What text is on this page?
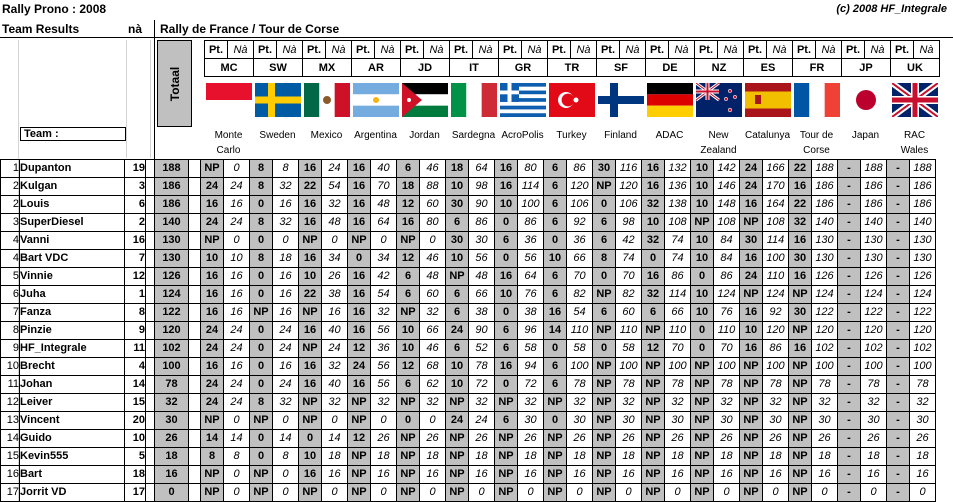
Rally Prono : 2008	(c) 2008 HF_Integrale
Team Results	nà Rally de France / Tour de Corse
Team :
Totaal
Pt.	Nà	Pt.	Nà	Pt.	Nà	Pt.	Nà	Pt.	Nà	Pt.	Nà	Pt.	Nà	Pt.	Nà	Pt.	Nà	Pt.	Nà	Pt.	Nà	Pt.	Nà	Pt.	Nà	Pt.	Nà	Pt.	Nà
MC		SW		MX		AR		JD		IT		GR		TR		SF		DE		NZ		ES		FR		JP		UK	
Monte
Carlo
Sweden	Mexico	Argentina	Jordan	Sardegna AcroPolis	Turkey	Finland	ADAC	New
Zealand
Catalunya Tour de
Corse
Japan	RAC
Wales
1	Dupanton	19		188		NP	0	8	8	16	24	16	40	6	46	18	64	16	80	6	86	30	116	16	132	10	142	24	166	22	188	-	188	-	188
2	Kulgan	3		186		24	24	8	32	22	54	16	70	18	88	10	98	16	114	6	120	NP	120	16	136	10	146	24	170	16	186	-	186	-	186
2	Louis	6		186		16	16	0	16	16	32	16	48	12	60	30	90	10	100	6	106	0	106	32	138	10	148	16	164	22	186	-	186	-	186
3	SuperDiesel	2		140		24	24	8	32	16	48	16	64	16	80	6	86	0	86	6	92	6	98	10	108	NP	108	NP	108	32	140	-	140	-	140
4	Vanni	16		130		NP	0	0	0	NP	0	NP	0	NP	0	30	30	6	36	0	36	6	42	32	74	10	84	30	114	16	130	-	130	-	130
4	Bart VDC	7		130		10	10	8	18	16	34	0	34	12	46	10	56	0	56	10	66	8	74	0	74	10	84	16	100	30	130	-	130	-	130
5	Vinnie	12		126		16	16	0	16	10	26	16	42	6	48	NP	48	16	64	6	70	0	70	16	86	0	86	24	110	16	126	-	126	-	126
6	Juha	1		124		16	16	0	16	22	38	16	54	6	60	6	66	10	76	6	82	NP	82	32	114	10	124	NP	124	NP	124	-	124	-	124
7	Fanza	8		122		16	16	NP	16	NP	16	16	32	NP	32	6	38	0	38	16	54	6	60	6	66	10	76	16	92	30	122	-	122	-	122
8	Pinzie	9		120		24	24	0	24	16	40	16	56	10	66	24	90	6	96	14	110	NP	110	NP	110	0	110	10	120	NP	120	-	120	-	120
9	HF_Integrale	11		102		24	24	0	24	NP	24	12	36	10	46	6	52	6	58	0	58	0	58	12	70	0	70	16	86	16	102	-	102	-	102
10	Brecht	4		100		16	16	0	16	16	32	24	56	12	68	10	78	16	94	6	100	NP	100	NP	100	NP	100	NP	100	NP	100	-	100	-	100
11	Johan	14		78		24	24	0	24	16	40	16	56	6	62	10	72	0	72	6	78	NP	78	NP	78	NP	78	NP	78	NP	78	-	78	-	78
12	Leiver	15		32		24	24	8	32	NP	32	NP	32	NP	32	NP	32	NP	32	NP	32	NP	32	NP	32	NP	32	NP	32	NP	32	-	32	-	32
13	Vincent	20		30		NP	0	NP	0	NP	0	NP	0	0	0	24	24	6	30	0	30	NP	30	NP	30	NP	30	NP	30	NP	30	-	30	-	30
14	Guido	10		26		14	14	0	14	0	14	12	26	NP	26	NP	26	NP	26	NP	26	NP	26	NP	26	NP	26	NP	26	NP	26	-	26	-	26
15	Kevin555	5		18		8	8	0	8	10	18	NP	18	NP	18	NP	18	NP	18	NP	18	NP	18	NP	18	NP	18	NP	18	NP	18	-	18	-	18
16	Bart	18		16		NP	0	NP	0	16	16	NP	16	NP	16	NP	16	NP	16	NP	16	NP	16	NP	16	NP	16	NP	16	NP	16	-	16	-	16
17	Jorrit VD	17		0		NP	0	NP	0	NP	0	NP	0	NP	0	NP	0	NP	0	NP	0	NP	0	NP	0	NP	0	NP	0	NP	0	-	0	-	0
